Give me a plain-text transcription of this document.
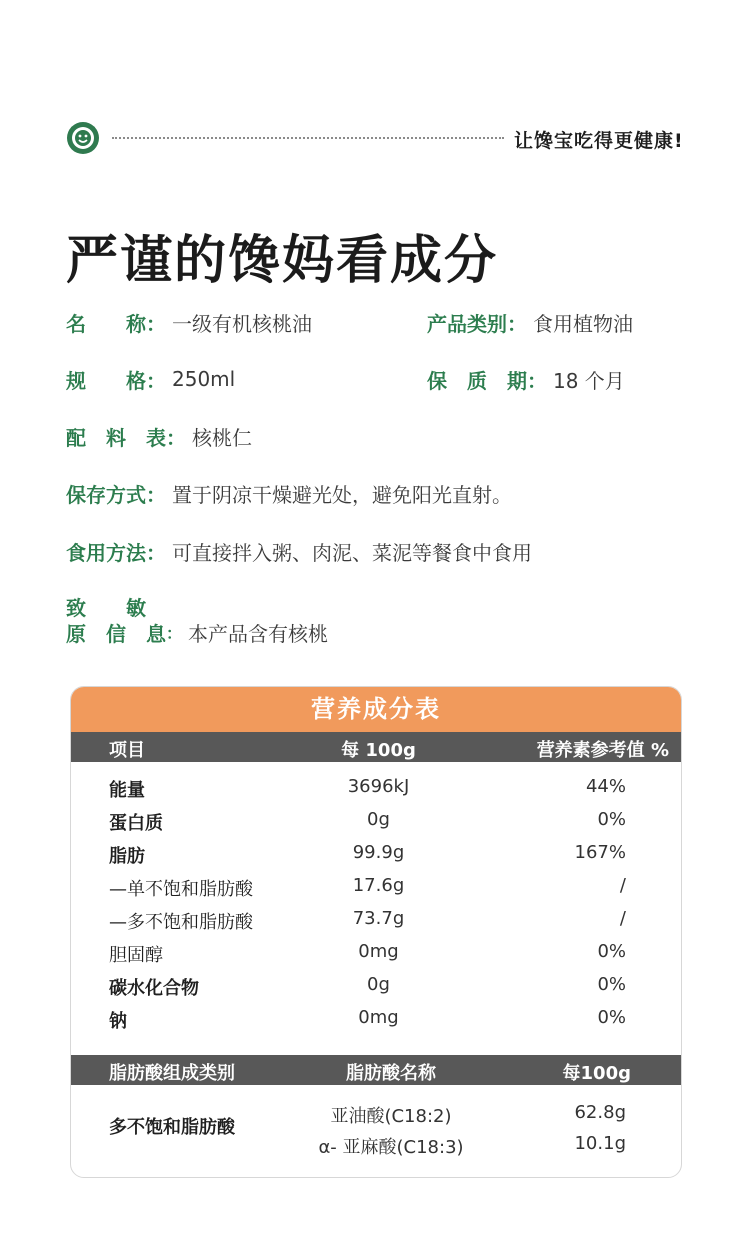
让馋宝吃得更健康!
严谨的馋妈看成分
名　　称 ： 一级有机核桃油	产品类别 ： 食用植物油
规　　格 ： 250ml	保　质　期 ： 18 个月
配　料　表 ： 核桃仁
保存方式 ： 置于阴凉干燥避光处，避免阳光直射。
食用方法 ： 可直接拌入粥、肉泥、菜泥等餐食中食用
致　　敏
原　信　息 ： 本产品含有核桃
营养成分表
项目	每 100g	营养素参考值 %
能量	3696kJ	44%
蛋白质	0g	0%
脂肪	99.9g	167%
—单不饱和脂肪酸	17.6g	/
—多不饱和脂肪酸	73.7g	/
胆固醇	0mg	0%
碳水化合物	0g	0%
钠	0mg	0%
脂肪酸组成类别	脂肪酸名称	每100g
多不饱和脂肪酸
亚油酸(C18:2)	62.8g
α- 亚麻酸(C18:3)	10.1g
